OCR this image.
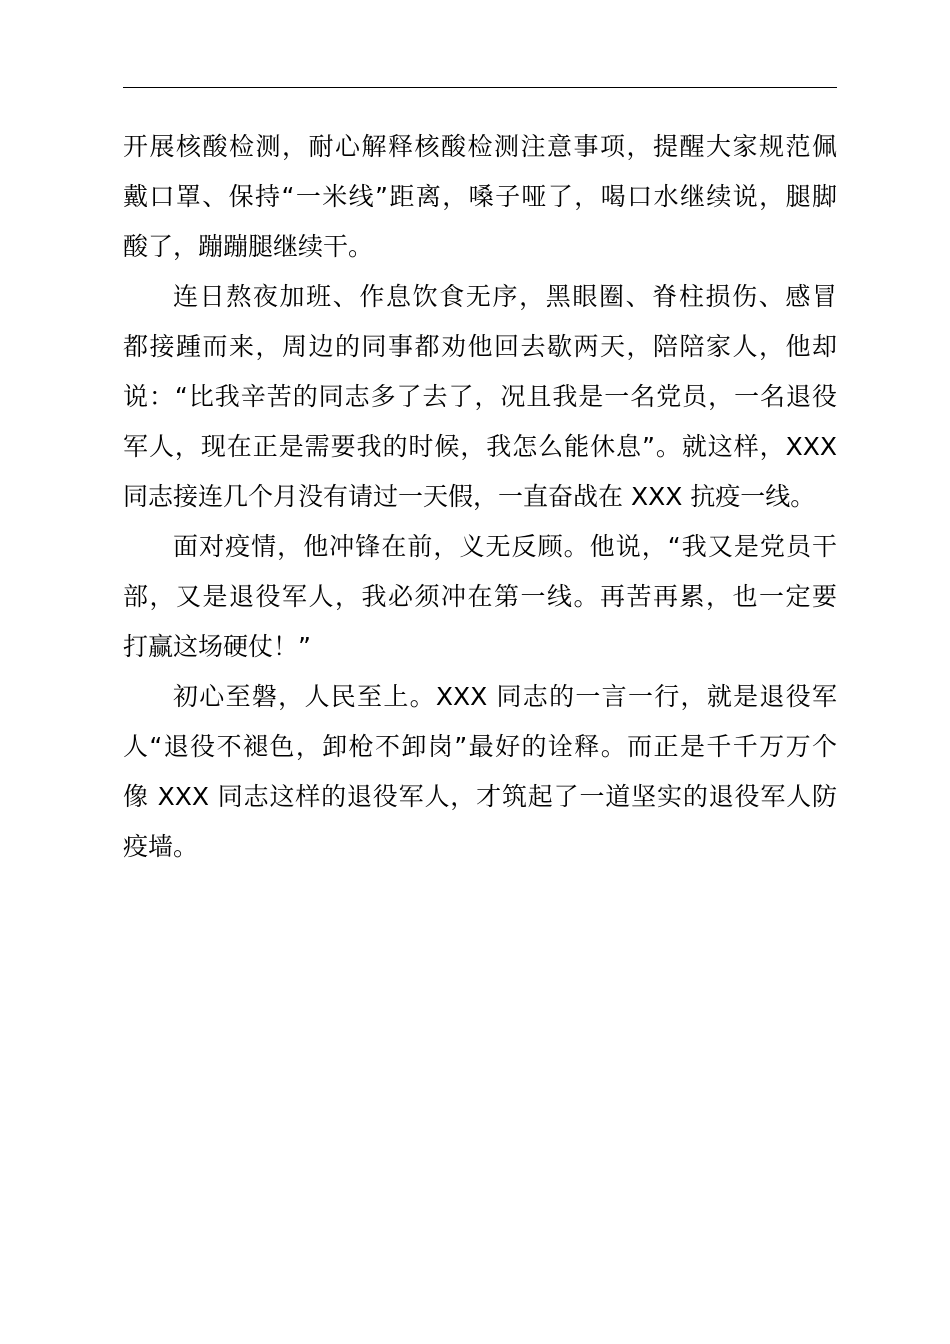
开展核酸检测，耐心解释核酸检测注意事项，提醒大家规范佩
戴口罩、保持“一米线”距离，嗓子哑了，喝口水继续说，腿脚
酸了，蹦蹦腿继续干。
连日熬夜加班、作息饮食无序，黑眼圈、脊柱损伤、感冒
都接踵而来，周边的同事都劝他回去歇两天，陪陪家人，他却
说：“比我辛苦的同志多了去了，况且我是一名党员，一名退役
军人，现在正是需要我的时候，我怎么能休息”。就这样，XXX
同志接连几个月没有请过一天假，一直奋战在 XXX 抗疫一线。
面对疫情，他冲锋在前，义无反顾。他说，“我又是党员干
部，又是退役军人，我必须冲在第一线。再苦再累，也一定要
打赢这场硬仗！”
初心至磐，人民至上。XXX 同志的一言一行，就是退役军
人“退役不褪色，卸枪不卸岗”最好的诠释。而正是千千万万个
像 XXX 同志这样的退役军人，才筑起了一道坚实的退役军人防
疫墙。
